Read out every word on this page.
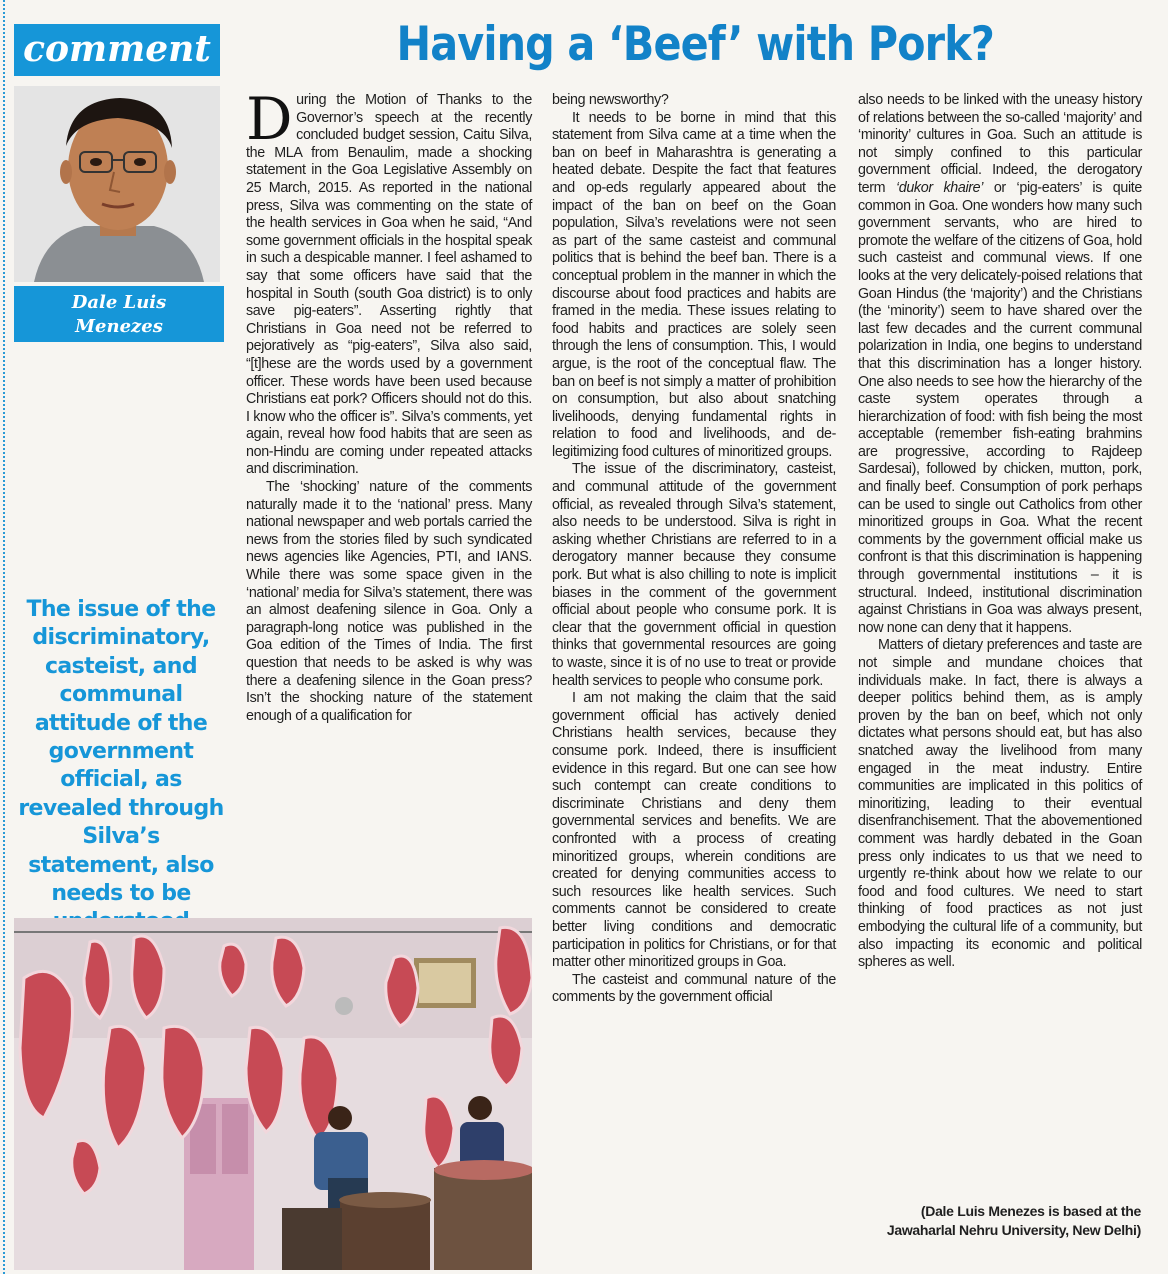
comment	Having a ‘Beef’ with Pork?
Dale Luis
Menezes
The issue of the discriminatory, casteist, and communal attitude of the government official, as revealed through Silva’s statement, also needs to be

During the Motion of Thanks to the Governor’s speech at the recently concluded budget session, Caitu Silva, the MLA from Benaulim, made a shocking statement in the Goa Legislative Assembly on 25 March, 2015. As reported in the national press, Silva was commenting on the state of the health services in Goa when he said, “And some government officials in the hospital speak in such a despicable manner. I feel ashamed to say that some officers have said that the hospital in South (south Goa district) is to only save pig-eaters”. Asserting rightly that Christians in Goa need not be referred to pejoratively as “pig-eaters”, Silva also said, “[t]hese are the words used by a government officer. These words have been used because Christians eat pork? Officers should not do this. I know who the officer is”. Silva’s comments, yet again, reveal how food habits that are seen as non-Hindu are coming under repeated attacks and discrimination.

The ‘shocking’ nature of the comments naturally made it to the ‘national’ press. Many national newspaper and web portals carried the news from the stories filed by such syndicated news agencies like Agencies, PTI, and IANS. While there was some space given in the ‘national’ media for Silva’s statement, there was an almost deafening silence in Goa. Only a paragraph-long notice was published in the Goa edition of the Times of India. The first question that needs to be asked is why was there a deafening silence in the Goan press? Isn’t the shocking nature of the statement enough of a qualification for

being newsworthy?

It needs to be borne in mind that this statement from Silva came at a time when the ban on beef in Maharashtra is generating a heated debate. Despite the fact that features and op-eds regularly appeared about the impact of the ban on beef on the Goan population, Silva’s revelations were not seen as part of the same casteist and communal politics that is behind the beef ban. There is a conceptual problem in the manner in which the discourse about food practices and habits are framed in the media. These issues relating to food habits and practices are solely seen through the lens of consumption. This, I would argue, is the root of the conceptual flaw. The ban on beef is not simply a matter of prohibition on consumption, but also about snatching livelihoods, denying fundamental rights in relation to food and livelihoods, and de-legitimizing food cultures of minoritized groups.

The issue of the discriminatory, casteist, and communal attitude of the government official, as revealed through Silva’s statement, also needs to be understood. Silva is right in asking whether Christians are referred to in a derogatory manner because they consume pork. But what is also chilling to note is implicit biases in the comment of the government official about people who consume pork. It is clear that the government official in question thinks that governmental resources are going to waste, since it is of no use to treat or provide health services to people who consume pork.

I am not making the claim that the said government official has actively denied Christians health services, because they consume pork. Indeed, there is insufficient evidence in this regard. But one can see how such contempt can create conditions to discriminate Christians and deny them governmental services and benefits. We are confronted with a process of creating minoritized groups, wherein conditions are created for denying communities access to such resources like health services. Such comments cannot be considered to create better living conditions and democratic participation in politics for Christians, or for that matter other minoritized groups in Goa.

The casteist and communal nature of the comments by the government official

also needs to be linked with the uneasy history of relations between the so-called ‘majority’ and ‘minority’ cultures in Goa. Such an attitude is not simply confined to this particular government official. Indeed, the derogatory term ‘dukor khaire’ or ‘pig-eaters’ is quite common in Goa. One wonders how many such government servants, who are hired to promote the welfare of the citizens of Goa, hold such casteist and communal views. If one looks at the very delicately-poised relations that Goan Hindus (the ‘majority’) and the Christians (the ‘minority’) seem to have shared over the last few decades and the current communal polarization in India, one begins to understand that this discrimination has a longer history. One also needs to see how the hierarchy of the caste system operates through a hierarchization of food: with fish being the most acceptable (remember fish-eating brahmins are progressive, according to Rajdeep Sardesai), followed by chicken, mutton, pork, and finally beef. Consumption of pork perhaps can be used to single out Catholics from other minoritized groups in Goa. What the recent comments by the government official make us confront is that this discrimination is happening through governmental institutions – it is structural. Indeed, institutional discrimination against Christians in Goa was always present, now none can deny that it happens.

Matters of dietary preferences and taste are not simple and mundane choices that individuals make. In fact, there is always a deeper politics behind them, as is amply proven by the ban on beef, which not only dictates what persons should eat, but has also snatched away the livelihood from many engaged in the meat industry. Entire communities are implicated in this politics of minoritizing, leading to their eventual disenfranchisement. That the abovementioned comment was hardly debated in the Goan press only indicates to us that we need to urgently re-think about how we relate to our food and food cultures. We need to start thinking of food practices as not just embodying the cultural life of a community, but also impacting its economic and political spheres as well.

(Dale Luis Menezes is based at the
Jawaharlal Nehru University, New Delhi)
